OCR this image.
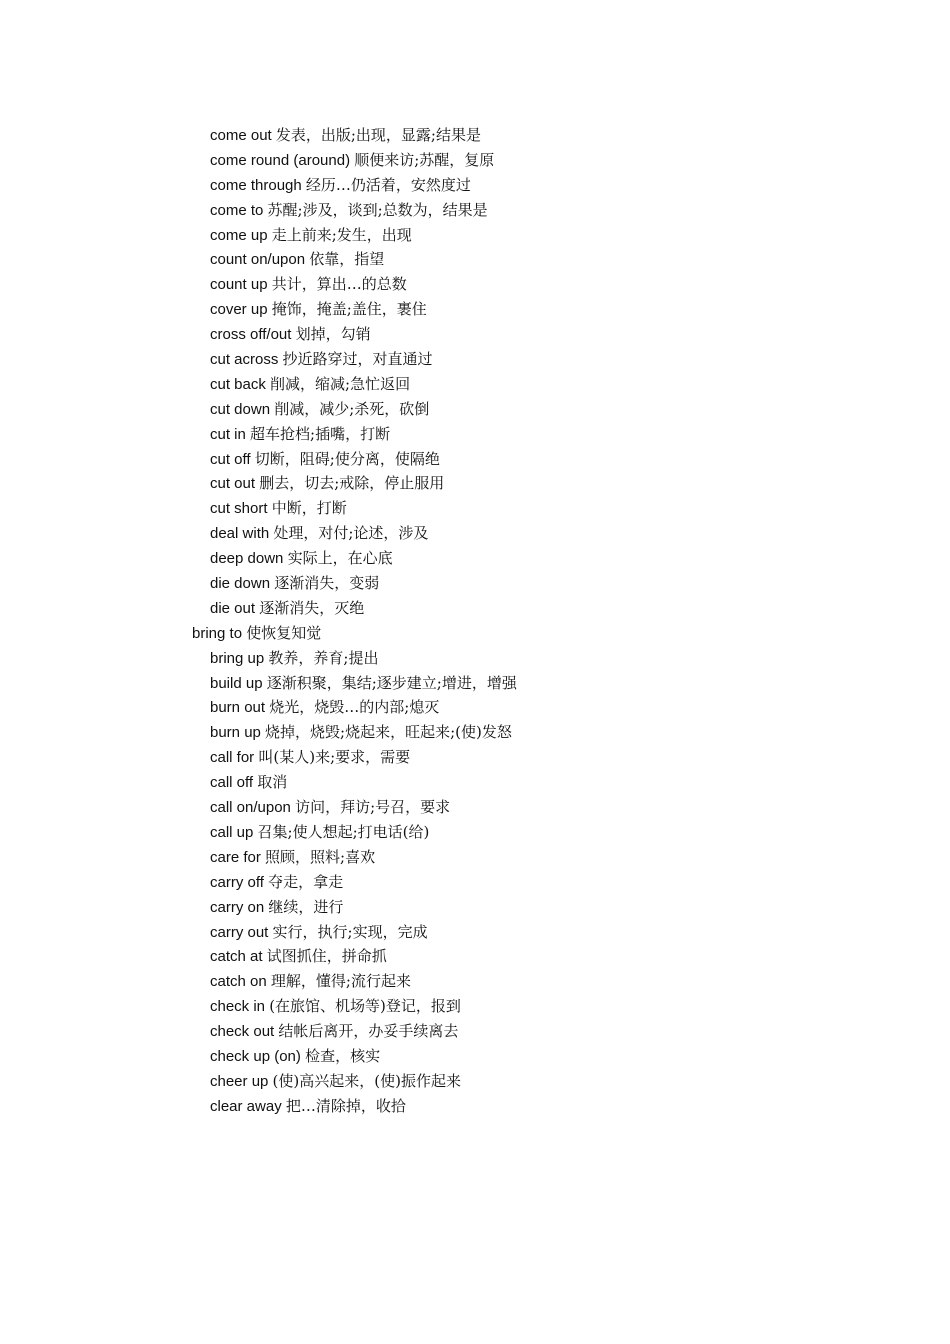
come out 发表，出版;出现，显露;结果是
come round (around) 顺便来访;苏醒，复原
come through 经历…仍活着，安然度过
come to 苏醒;涉及，谈到;总数为，结果是
come up 走上前来;发生，出现
count on/upon 依靠，指望
count up 共计，算出…的总数
cover up 掩饰，掩盖;盖住，裹住
cross off/out 划掉，勾销
cut across 抄近路穿过，对直通过
cut back 削减，缩减;急忙返回
cut down 削减，减少;杀死，砍倒
cut in 超车抢档;插嘴，打断
cut off 切断，阻碍;使分离，使隔绝
cut out 删去，切去;戒除，停止服用
cut short 中断，打断
deal with 处理，对付;论述，涉及
deep down 实际上，在心底
die down 逐渐消失，变弱
die out 逐渐消失，灭绝
bring to 使恢复知觉
bring up 教养，养育;提出
build up 逐渐积聚，集结;逐步建立;增进，增强
burn out 烧光，烧毁…的内部;熄灭
burn up 烧掉，烧毁;烧起来，旺起来;(使)发怒
call for 叫(某人)来;要求，需要
call off 取消
call on/upon 访问，拜访;号召，要求
call up 召集;使人想起;打电话(给)
care for 照顾，照料;喜欢
carry off 夺走，拿走
carry on 继续，进行
carry out 实行，执行;实现，完成
catch at 试图抓住，拼命抓
catch on 理解，懂得;流行起来
check in (在旅馆、机场等)登记，报到
check out 结帐后离开，办妥手续离去
check up (on) 检查，核实
cheer up (使)高兴起来，(使)振作起来
clear away 把…清除掉，收拾
